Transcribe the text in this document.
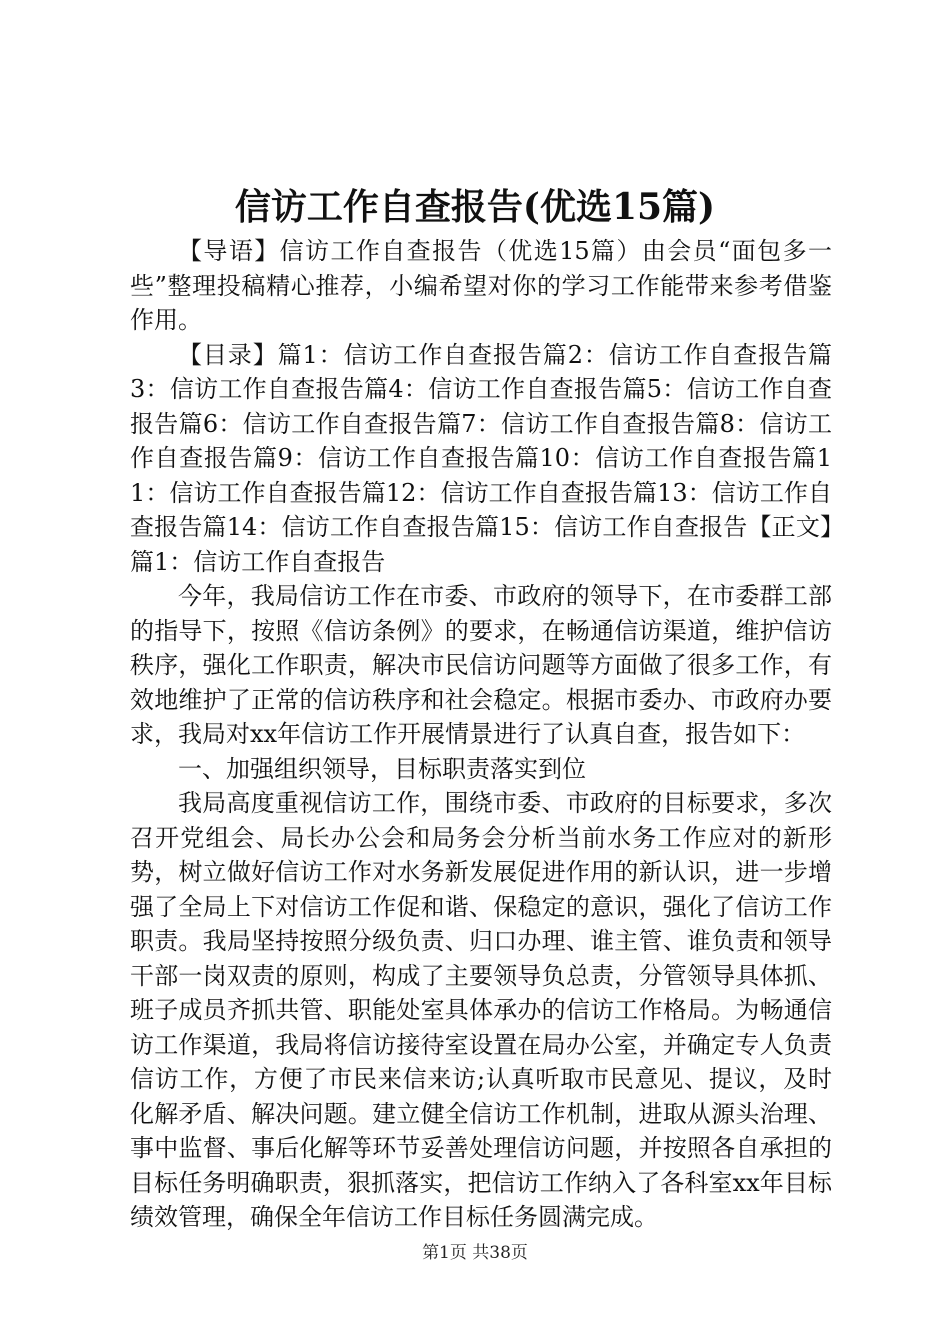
信访工作自查报告(优选15篇)

【导语】信访工作自查报告（优选15篇）由会员“面包多一些”整理投稿精心推荐，小编希望对你的学习工作能带来参考借鉴作用。

【目录】篇1：信访工作自查报告篇2：信访工作自查报告篇3：信访工作自查报告篇4：信访工作自查报告篇5：信访工作自查报告篇6：信访工作自查报告篇7：信访工作自查报告篇8：信访工作自查报告篇9：信访工作自查报告篇10：信访工作自查报告篇11：信访工作自查报告篇12：信访工作自查报告篇13：信访工作自查报告篇14：信访工作自查报告篇15：信访工作自查报告【正文】篇1：信访工作自查报告

今年，我局信访工作在市委、市政府的领导下，在市委群工部的指导下，按照《信访条例》的要求，在畅通信访渠道，维护信访秩序，强化工作职责，解决市民信访问题等方面做了很多工作，有效地维护了正常的信访秩序和社会稳定。根据市委办、市政府办要求，我局对xx年信访工作开展情景进行了认真自查，报告如下：

一、加强组织领导，目标职责落实到位

我局高度重视信访工作，围绕市委、市政府的目标要求，多次召开党组会、局长办公会和局务会分析当前水务工作应对的新形势，树立做好信访工作对水务新发展促进作用的新认识，进一步增强了全局上下对信访工作促和谐、保稳定的意识，强化了信访工作职责。我局坚持按照分级负责、归口办理、谁主管、谁负责和领导干部一岗双责的原则，构成了主要领导负总责，分管领导具体抓、班子成员齐抓共管、职能处室具体承办的信访工作格局。为畅通信访工作渠道，我局将信访接待室设置在局办公室，并确定专人负责信访工作，方便了市民来信来访;认真听取市民意见、提议，及时化解矛盾、解决问题。建立健全信访工作机制，进取从源头治理、事中监督、事后化解等环节妥善处理信访问题，并按照各自承担的目标任务明确职责，狠抓落实，把信访工作纳入了各科室xx年目标绩效管理，确保全年信访工作目标任务圆满完成。

第1页 共38页
